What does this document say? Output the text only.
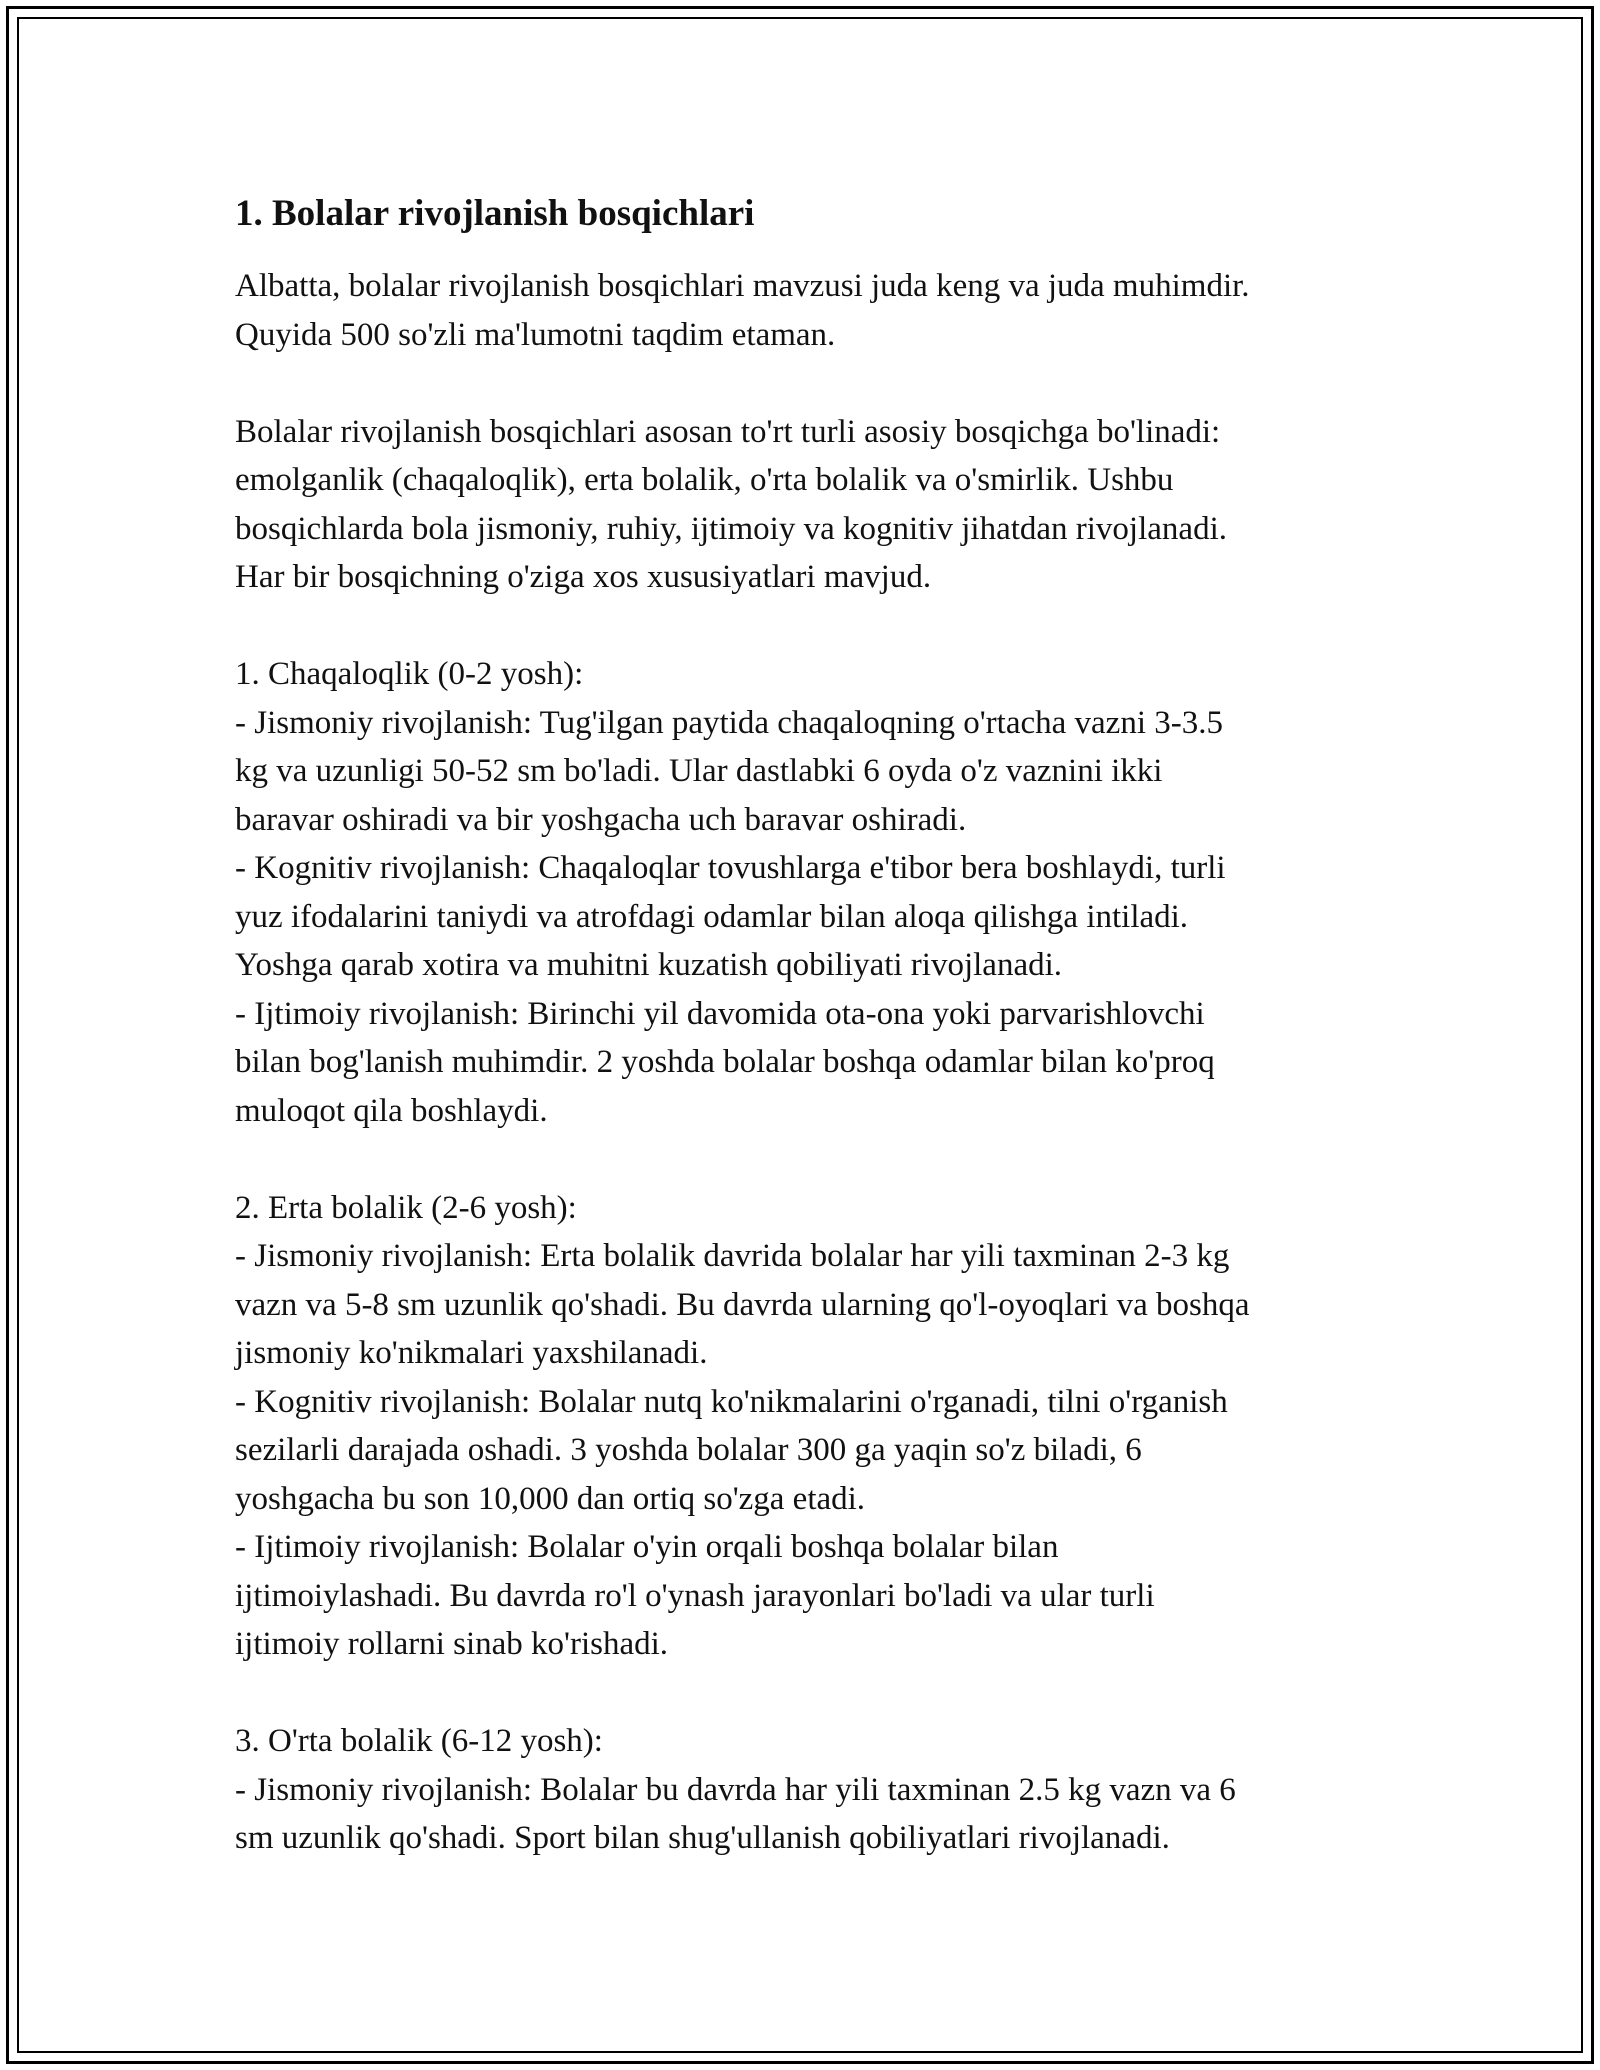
1. Bolalar rivojlanish bosqichlari

Albatta, bolalar rivojlanish bosqichlari mavzusi juda keng va juda muhimdir.
Quyida 500 so'zli ma'lumotni taqdim etaman.

Bolalar rivojlanish bosqichlari asosan to'rt turli asosiy bosqichga bo'linadi:
emolganlik (chaqaloqlik), erta bolalik, o'rta bolalik va o'smirlik. Ushbu
bosqichlarda bola jismoniy, ruhiy, ijtimoiy va kognitiv jihatdan rivojlanadi.
Har bir bosqichning o'ziga xos xususiyatlari mavjud.

1. Chaqaloqlik (0-2 yosh):
- Jismoniy rivojlanish: Tug'ilgan paytida chaqaloqning o'rtacha vazni 3-3.5
kg va uzunligi 50-52 sm bo'ladi. Ular dastlabki 6 oyda o'z vaznini ikki
baravar oshiradi va bir yoshgacha uch baravar oshiradi.
- Kognitiv rivojlanish: Chaqaloqlar tovushlarga e'tibor bera boshlaydi, turli
yuz ifodalarini taniydi va atrofdagi odamlar bilan aloqa qilishga intiladi.
Yoshga qarab xotira va muhitni kuzatish qobiliyati rivojlanadi.
- Ijtimoiy rivojlanish: Birinchi yil davomida ota-ona yoki parvarishlovchi
bilan bog'lanish muhimdir. 2 yoshda bolalar boshqa odamlar bilan ko'proq
muloqot qila boshlaydi.

2. Erta bolalik (2-6 yosh):
- Jismoniy rivojlanish: Erta bolalik davrida bolalar har yili taxminan 2-3 kg
vazn va 5-8 sm uzunlik qo'shadi. Bu davrda ularning qo'l-oyoqlari va boshqa
jismoniy ko'nikmalari yaxshilanadi.
- Kognitiv rivojlanish: Bolalar nutq ko'nikmalarini o'rganadi, tilni o'rganish
sezilarli darajada oshadi. 3 yoshda bolalar 300 ga yaqin so'z biladi, 6
yoshgacha bu son 10,000 dan ortiq so'zga etadi.
- Ijtimoiy rivojlanish: Bolalar o'yin orqali boshqa bolalar bilan
ijtimoiylashadi. Bu davrda ro'l o'ynash jarayonlari bo'ladi va ular turli
ijtimoiy rollarni sinab ko'rishadi.

3. O'rta bolalik (6-12 yosh):
- Jismoniy rivojlanish: Bolalar bu davrda har yili taxminan 2.5 kg vazn va 6
sm uzunlik qo'shadi. Sport bilan shug'ullanish qobiliyatlari rivojlanadi.
